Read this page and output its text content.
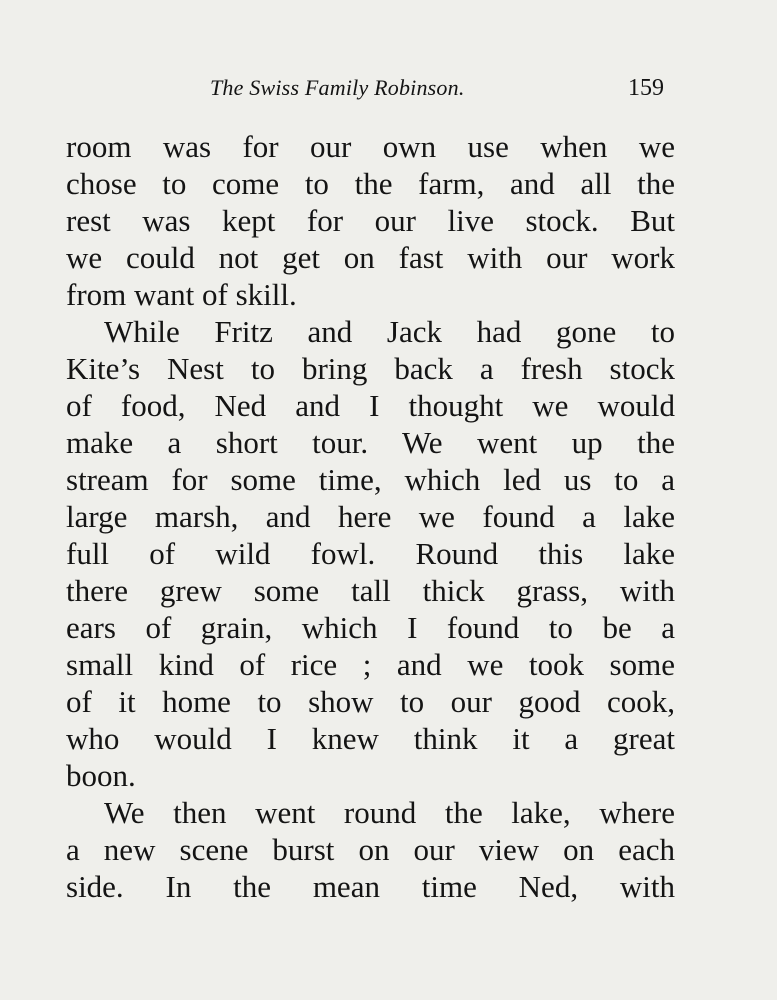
The Swiss Family Robinson.	159
room was for our own use when we
chose to come to the farm, and all the
rest was kept for our live stock. But
we could not get on fast with our work
from want of skill.
While Fritz and Jack had gone to
Kite’s Nest to bring back a fresh stock
of food, Ned and I thought we would
make a short tour. We went up the
stream for some time, which led us to a
large marsh, and here we found a lake
full of wild fowl. Round this lake
there grew some tall thick grass, with
ears of grain, which I found to be a
small kind of rice ; and we took some
of it home to show to our good cook,
who would I knew think it a great
boon.
We then went round the lake, where
a new scene burst on our view on each
side. In the mean time Ned, with
